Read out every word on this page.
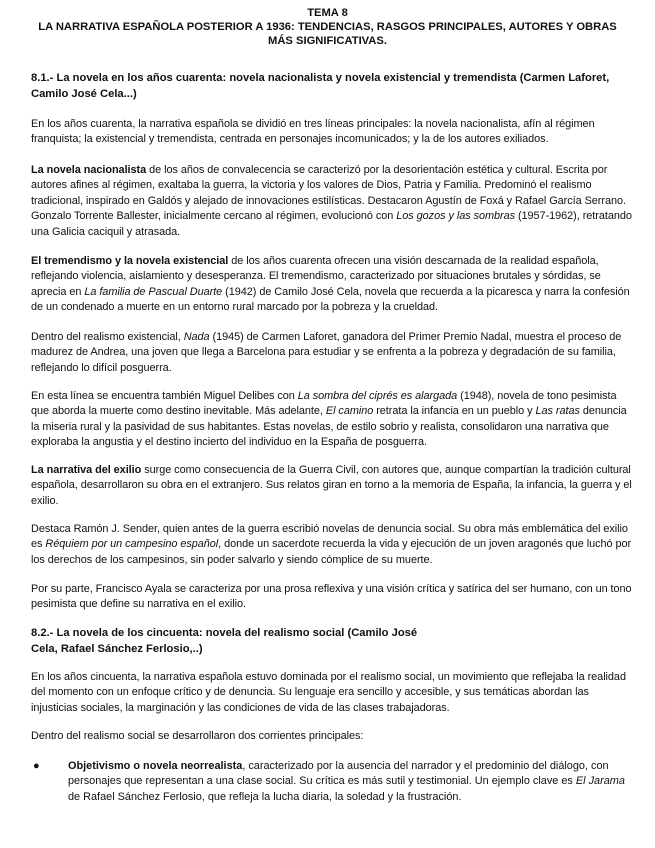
TEMA 8
LA NARRATIVA ESPAÑOLA POSTERIOR A 1936: TENDENCIAS, RASGOS PRINCIPALES, AUTORES Y OBRAS MÁS SIGNIFICATIVAS.
8.1.- La novela en los años cuarenta: novela nacionalista y novela existencial y tremendista (Carmen Laforet, Camilo José Cela...)
En los años cuarenta, la narrativa española se dividió en tres líneas principales: la novela nacionalista, afín al régimen franquista; la existencial y tremendista, centrada en personajes incomunicados; y la de los autores exiliados.
La novela nacionalista de los años de convalecencia se caracterizó por la desorientación estética y cultural. Escrita por autores afines al régimen, exaltaba la guerra, la victoria y los valores de Dios, Patria y Familia. Predominó el realismo tradicional, inspirado en Galdós y alejado de innovaciones estilísticas. Destacaron Agustín de Foxá y Rafael García Serrano. Gonzalo Torrente Ballester, inicialmente cercano al régimen, evolucionó con Los gozos y las sombras (1957-1962), retratando una Galicia caciquil y atrasada.
El tremendismo y la novela existencial de los años cuarenta ofrecen una visión descarnada de la realidad española, reflejando violencia, aislamiento y desesperanza. El tremendismo, caracterizado por situaciones brutales y sórdidas, se aprecia en La familia de Pascual Duarte (1942) de Camilo José Cela, novela que recuerda a la picaresca y narra la confesión de un condenado a muerte en un entorno rural marcado por la pobreza y la crueldad.
Dentro del realismo existencial, Nada (1945) de Carmen Laforet, ganadora del Primer Premio Nadal, muestra el proceso de madurez de Andrea, una joven que llega a Barcelona para estudiar y se enfrenta a la pobreza y degradación de su familia, reflejando lo difícil posguerra.
En esta línea se encuentra también Miguel Delibes con La sombra del ciprés es alargada (1948), novela de tono pesimista que aborda la muerte como destino inevitable. Más adelante, El camino retrata la infancia en un pueblo y Las ratas denuncia la miseria rural y la pasividad de sus habitantes. Estas novelas, de estilo sobrio y realista, consolidaron una narrativa que exploraba la angustia y el destino incierto del individuo en la España de posguerra.
La narrativa del exilio surge como consecuencia de la Guerra Civil, con autores que, aunque compartían la tradición cultural española, desarrollaron su obra en el extranjero. Sus relatos giran en torno a la memoria de España, la infancia, la guerra y el exilio.
Destaca Ramón J. Sender, quien antes de la guerra escribió novelas de denuncia social. Su obra más emblemática del exilio es Réquiem por un campesino español, donde un sacerdote recuerda la vida y ejecución de un joven aragonés que luchó por los derechos de los campesinos, sin poder salvarlo y siendo cómplice de su muerte.
Por su parte, Francisco Ayala se caracteriza por una prosa reflexiva y una visión crítica y satírica del ser humano, con un tono pesimista que define su narrativa en el exilio.
8.2.- La novela de los cincuenta: novela del realismo social (Camilo José
Cela, Rafael Sánchez Ferlosio,..)
En los años cincuenta, la narrativa española estuvo dominada por el realismo social, un movimiento que reflejaba la realidad del momento con un enfoque crítico y de denuncia. Su lenguaje era sencillo y accesible, y sus temáticas abordan las injusticias sociales, la marginación y las condiciones de vida de las clases trabajadoras.
Dentro del realismo social se desarrollaron dos corrientes principales:
●	Objetivismo o novela neorrealista, caracterizado por la ausencia del narrador y el predominio del diálogo, con personajes que representan a una clase social. Su crítica es más sutil y testimonial. Un ejemplo clave es El Jarama de Rafael Sánchez Ferlosio, que refleja la lucha diaria, la soledad y la frustración.
